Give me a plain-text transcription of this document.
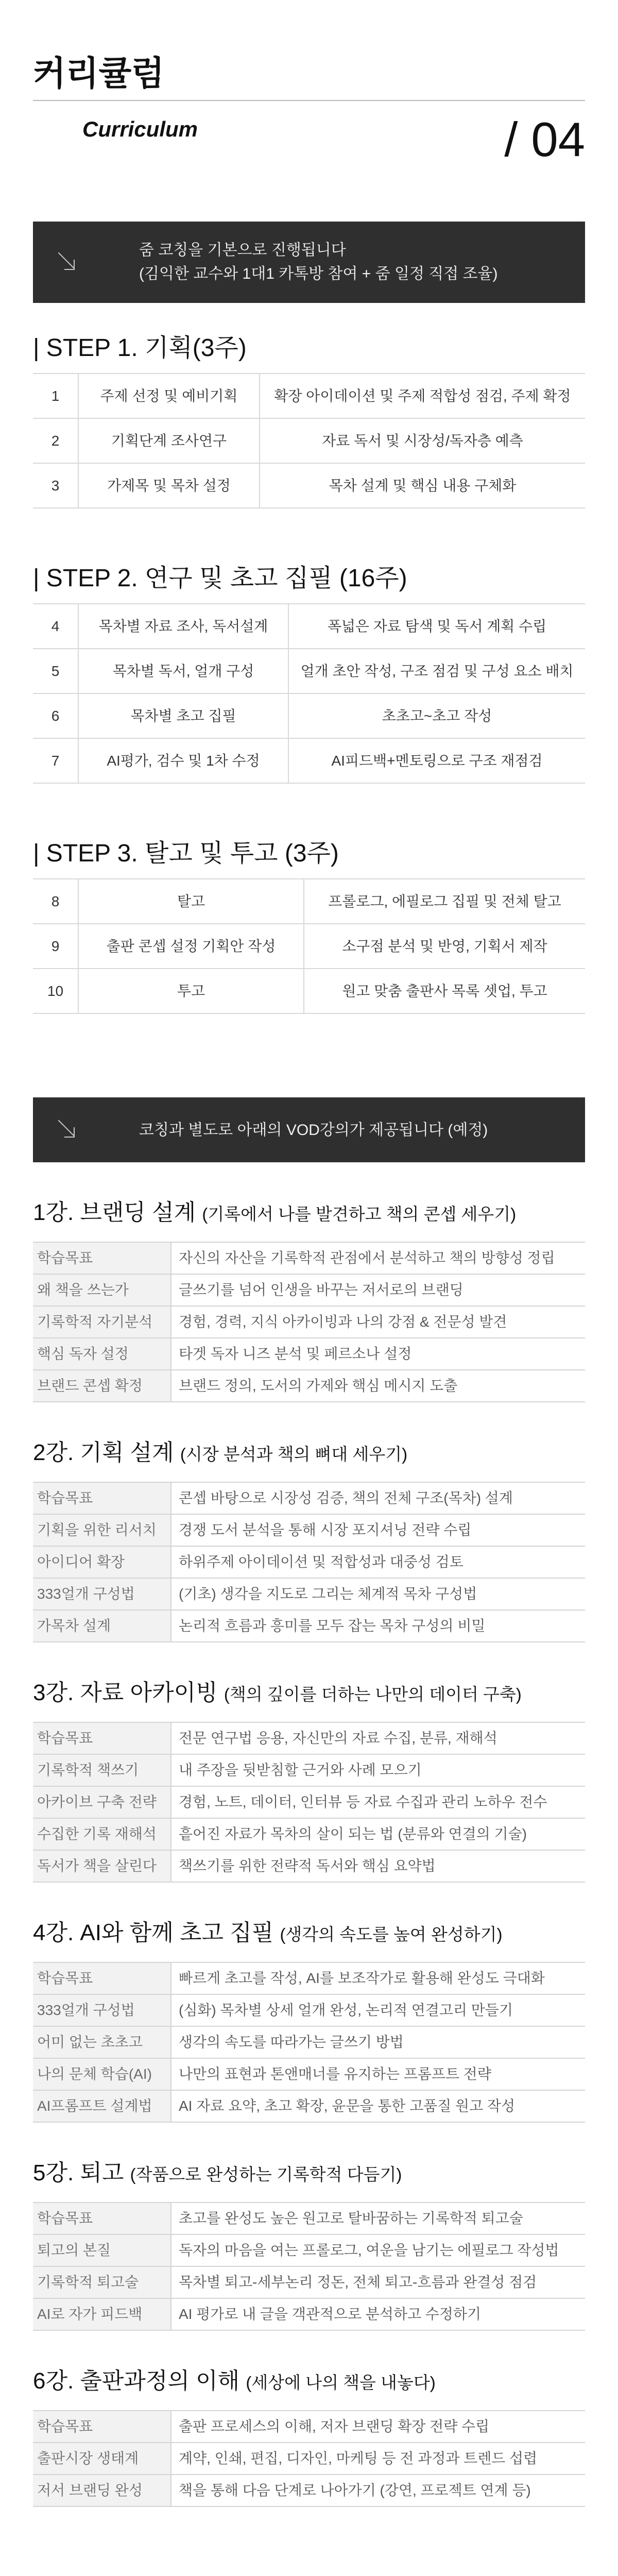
커리큘럼
Curriculum	/ 04
줌 코칭을 기본으로 진행됩니다
(김익한 교수와 1대1 카톡방 참여 + 줌 일정 직접 조율)
| STEP 1. 기획(3주)
1	주제 선정 및 예비기획	확장 아이데이션 및 주제 적합성 점검, 주제 확정
2	기획단계 조사연구	자료 독서 및 시장성/독자층 예측
3	가제목 및 목차 설정	목차 설계 및 핵심 내용 구체화
| STEP 2. 연구 및 초고 집필 (16주)
4	목차별 자료 조사, 독서설계	폭넓은 자료 탐색 및 독서 계획 수립
5	목차별 독서, 얼개 구성	얼개 초안 작성, 구조 점검 및 구성 요소 배치
6	목차별 초고 집필	초초고~초고 작성
7	AI평가, 검수 및 1차 수정	AI피드백+멘토링으로 구조 재점검
| STEP 3. 탈고 및 투고 (3주)
8	탈고	프롤로그, 에필로그 집필 및 전체 탈고
9	출판 콘셉 설정 기획안 작성	소구점 분석 및 반영, 기획서 제작
10	투고	원고 맞춤 출판사 목록 셋업, 투고
코칭과 별도로 아래의 VOD강의가 제공됩니다 (예정)
1강. 브랜딩 설계 (기록에서 나를 발견하고 책의 콘셉 세우기)
학습목표	자신의 자산을 기록학적 관점에서 분석하고 책의 방향성 정립
왜 책을 쓰는가	글쓰기를 넘어 인생을 바꾸는 저서로의 브랜딩
기록학적 자기분석	경험, 경력, 지식 아카이빙과 나의 강점 & 전문성 발견
핵심 독자 설정	타겟 독자 니즈 분석 및 페르소나 설정
브랜드 콘셉 확정	브랜드 정의, 도서의 가제와 핵심 메시지 도출
2강. 기획 설계 (시장 분석과 책의 뼈대 세우기)
학습목표	콘셉 바탕으로 시장성 검증, 책의 전체 구조(목차) 설계
기획을 위한 리서치	경쟁 도서 분석을 통해 시장 포지셔닝 전략 수립
아이디어 확장	하위주제 아이데이션 및 적합성과 대중성 검토
333얼개 구성법	(기초) 생각을 지도로 그리는 체계적 목차 구성법
가목차 설계	논리적 흐름과 흥미를 모두 잡는 목차 구성의 비밀
3강. 자료 아카이빙 (책의 깊이를 더하는 나만의 데이터 구축)
학습목표	전문 연구법 응용, 자신만의 자료 수집, 분류, 재해석
기록학적 책쓰기	내 주장을 뒷받침할 근거와 사례 모으기
아카이브 구축 전략	경험, 노트, 데이터, 인터뷰 등 자료 수집과 관리 노하우 전수
수집한 기록 재해석	흩어진 자료가 목차의 살이 되는 법 (분류와 연결의 기술)
독서가 책을 살린다	책쓰기를 위한 전략적 독서와 핵심 요약법
4강. AI와 함께 초고 집필 (생각의 속도를 높여 완성하기)
학습목표	빠르게 초고를 작성, AI를 보조작가로 활용해 완성도 극대화
333얼개 구성법	(심화) 목차별 상세 얼개 완성, 논리적 연결고리 만들기
어미 없는 초초고	생각의 속도를 따라가는 글쓰기 방법
나의 문체 학습(AI)	나만의 표현과 톤앤매너를 유지하는 프롬프트 전략
AI프롬프트 설계법	AI 자료 요약, 초고 확장, 윤문을 통한 고품질 원고 작성
5강. 퇴고 (작품으로 완성하는 기록학적 다듬기)
학습목표	초고를 완성도 높은 원고로 탈바꿈하는 기록학적 퇴고술
퇴고의 본질	독자의 마음을 여는 프롤로그, 여운을 남기는 에필로그 작성법
기록학적 퇴고술	목차별 퇴고-세부논리 정돈, 전체 퇴고-흐름과 완결성 점검
AI로 자가 피드백	AI 평가로 내 글을 객관적으로 분석하고 수정하기
6강. 출판과정의 이해 (세상에 나의 책을 내놓다)
학습목표	출판 프로세스의 이해, 저자 브랜딩 확장 전략 수립
출판시장 생태계	계약, 인쇄, 편집, 디자인, 마케팅 등 전 과정과 트렌드 섭렵
저서 브랜딩 완성	책을 통해 다음 단계로 나아가기 (강연, 프로젝트 연계 등)
